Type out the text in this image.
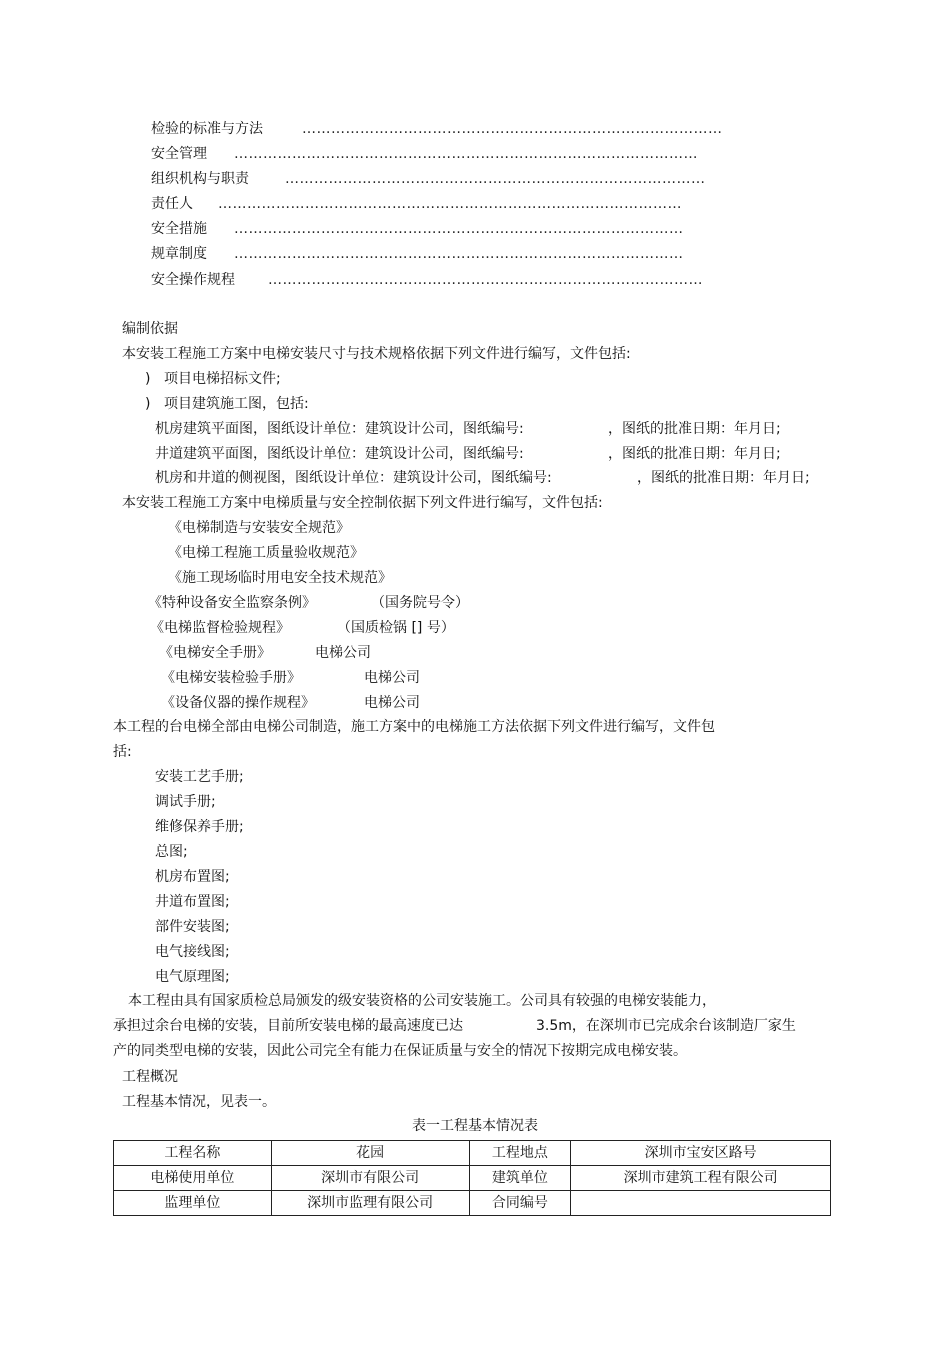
检验的标准与方法	……………………………………………………………………………
安全管理 ……………………………………………………………………………………
组织机构与职责	……………………………………………………………………………
责任人 ……………………………………………………………………………………
安全措施 …………………………………………………………………………………
规章制度 …………………………………………………………………………………
安全操作规程 ………………………………………………………………………………
编制依据
本安装工程施工方案中电梯安装尺寸与技术规格依据下列文件进行编写，文件包括:
) 项目电梯招标文件;
) 项目建筑施工图，包括:
机房建筑平面图，图纸设计单位：建筑设计公司，图纸编号:	，图纸的批准日期：年月日;
井道建筑平面图，图纸设计单位：建筑设计公司，图纸编号:	，图纸的批准日期：年月日;
机房和井道的侧视图，图纸设计单位：建筑设计公司，图纸编号:	，图纸的批准日期：年月日;
本安装工程施工方案中电梯质量与安全控制依据下列文件进行编写，文件包括:
《电梯制造与安装安全规范》
《电梯工程施工质量验收规范》
《施工现场临时用电安全技术规范》
《特种设备安全监察条例》	（国务院号令）
《电梯监督检验规程》	（国质检锅 [] 号）
《电梯安全手册》	电梯公司
《电梯安装检验手册》	电梯公司
《设备仪器的操作规程》	电梯公司
本工程的台电梯全部由电梯公司制造，施工方案中的电梯施工方法依据下列文件进行编写，文件包
括:
安装工艺手册;
调试手册;
维修保养手册;
总图;
机房布置图;
井道布置图;
部件安装图;
电气接线图;
电气原理图;
本工程由具有国家质检总局颁发的级安装资格的公司安装施工。公司具有较强的电梯安装能力，
承担过余台电梯的安装，目前所安装电梯的最高速度已达	3.5m，在深圳市已完成余台该制造厂家生
产的同类型电梯的安装，因此公司完全有能力在保证质量与安全的情况下按期完成电梯安装。
工程概况
工程基本情况，见表一。
表一工程基本情况表
工程名称	花园	工程地点	深圳市宝安区路号
电梯使用单位	深圳市有限公司	建筑单位	深圳市建筑工程有限公司
监理单位	深圳市监理有限公司	合同编号	
